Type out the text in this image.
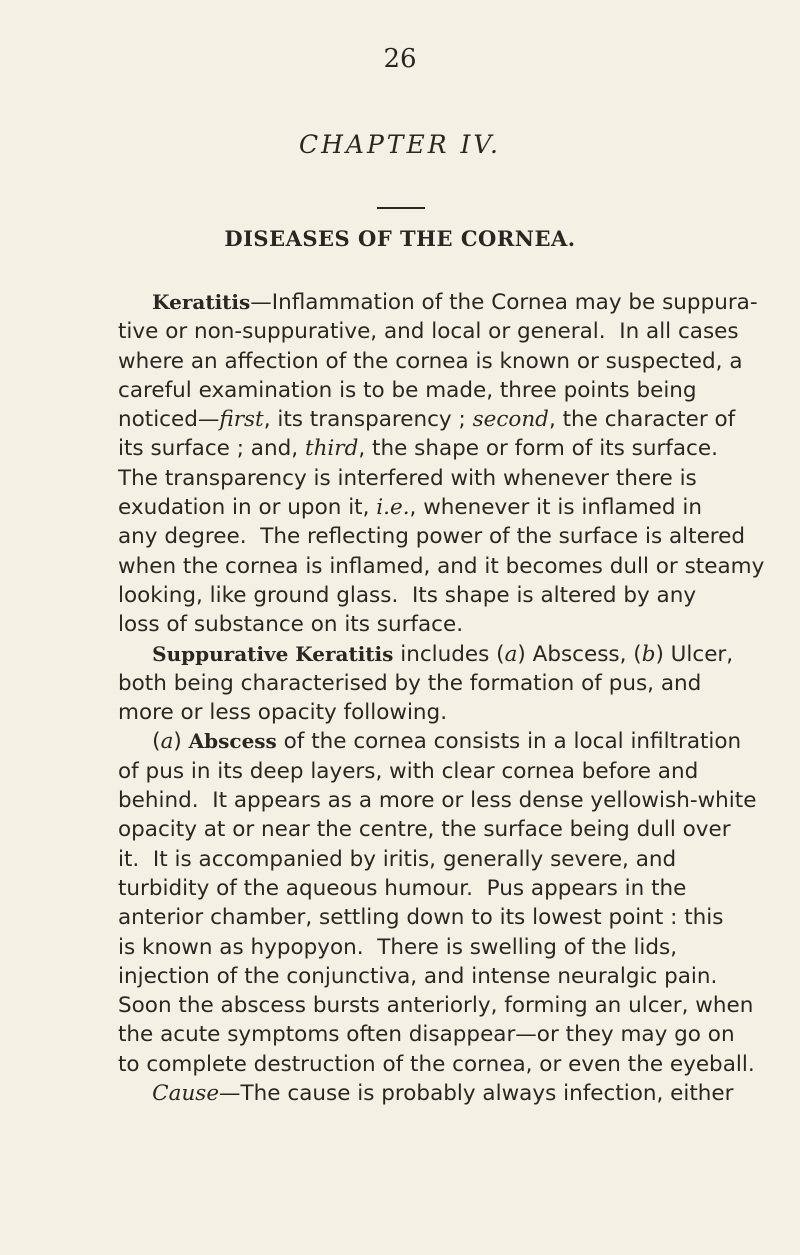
26
CHAPTER IV.
DISEASES OF THE CORNEA.
Keratitis—Inflammation of the Cornea may be suppura-
tive or non-suppurative, and local or general.  In all cases
where an affection of the cornea is known or suspected, a
careful examination is to be made, three points being
noticed—first, its transparency ; second, the character of
its surface ; and, third, the shape or form of its surface.
The transparency is interfered with whenever there is
exudation in or upon it, i.e., whenever it is inflamed in
any degree.  The reflecting power of the surface is altered
when the cornea is inflamed, and it becomes dull or steamy
looking, like ground glass.  Its shape is altered by any
loss of substance on its surface.
Suppurative Keratitis includes (a) Abscess, (b) Ulcer,
both being characterised by the formation of pus, and
more or less opacity following.
(a) Abscess of the cornea consists in a local infiltration
of pus in its deep layers, with clear cornea before and
behind.  It appears as a more or less dense yellowish-white
opacity at or near the centre, the surface being dull over
it.  It is accompanied by iritis, generally severe, and
turbidity of the aqueous humour.  Pus appears in the
anterior chamber, settling down to its lowest point : this
is known as hypopyon.  There is swelling of the lids,
injection of the conjunctiva, and intense neuralgic pain.
Soon the abscess bursts anteriorly, forming an ulcer, when
the acute symptoms often disappear—or they may go on
to complete destruction of the cornea, or even the eyeball.
Cause—The cause is probably always infection, either
